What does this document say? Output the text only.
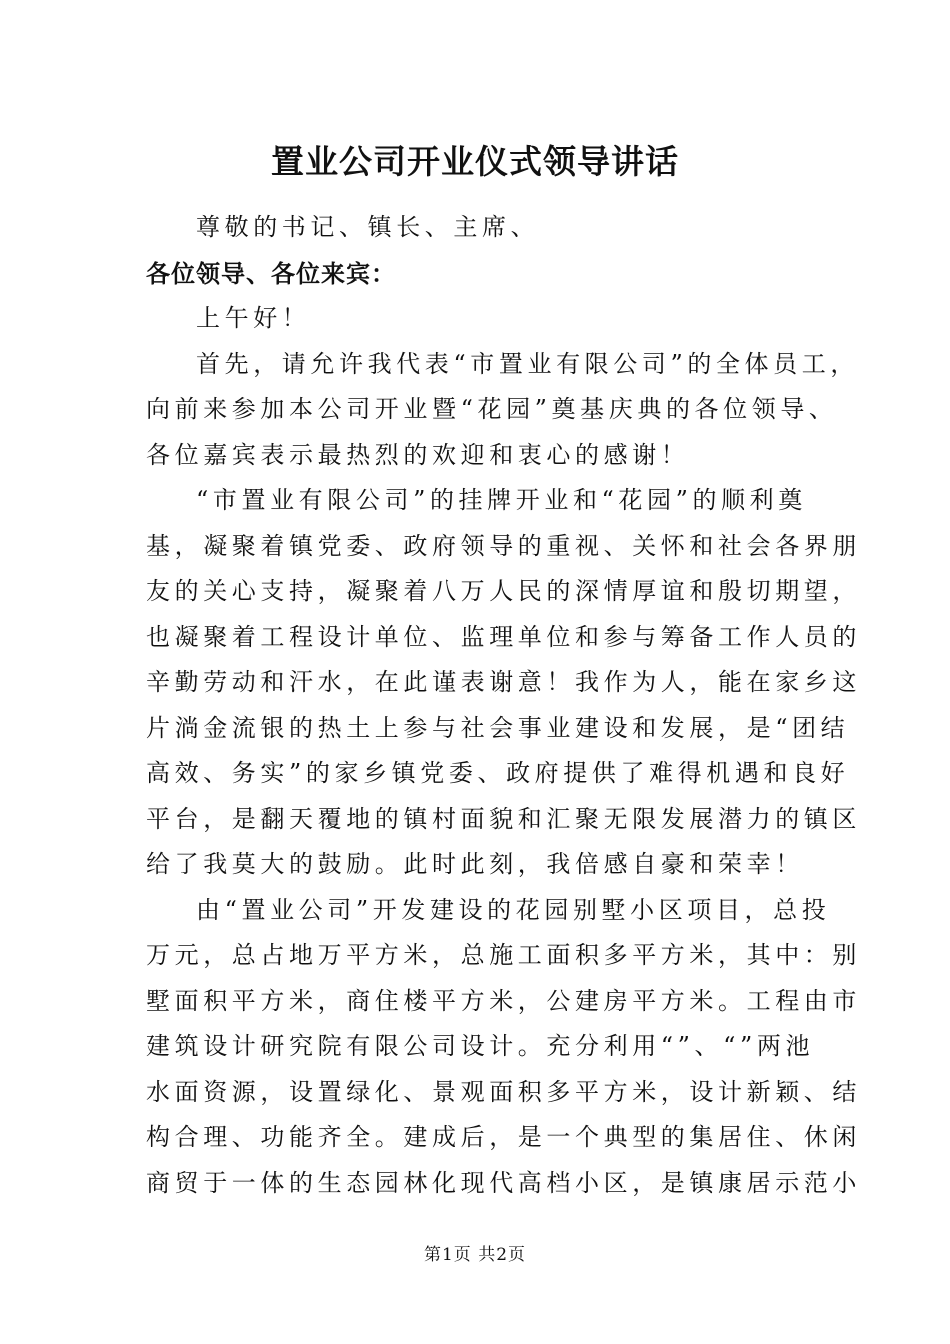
置业公司开业仪式领导讲话
尊敬的书记、镇长、主席、
各位领导、各位来宾：
上午好！
首先，请允许我代表“市置业有限公司”的全体员工，
向前来参加本公司开业暨“花园”奠基庆典的各位领导、
各位嘉宾表示最热烈的欢迎和衷心的感谢！
“市置业有限公司”的挂牌开业和“花园”的顺利奠
基，凝聚着镇党委、政府领导的重视、关怀和社会各界朋
友的关心支持，凝聚着八万人民的深情厚谊和殷切期望，
也凝聚着工程设计单位、监理单位和参与筹备工作人员的
辛勤劳动和汗水，在此谨表谢意！我作为人，能在家乡这
片淌金流银的热土上参与社会事业建设和发展，是“团结
高效、务实”的家乡镇党委、政府提供了难得机遇和良好
平台，是翻天覆地的镇村面貌和汇聚无限发展潜力的镇区
给了我莫大的鼓励。此时此刻，我倍感自豪和荣幸！
由“置业公司”开发建设的花园别墅小区项目，总投
万元，总占地万平方米，总施工面积多平方米，其中：别
墅面积平方米，商住楼平方米，公建房平方米。工程由市
建筑设计研究院有限公司设计。充分利用“”、“”两池
水面资源，设置绿化、景观面积多平方米，设计新颖、结
构合理、功能齐全。建成后，是一个典型的集居住、休闲
商贸于一体的生态园林化现代高档小区，是镇康居示范小
第1页 共2页
